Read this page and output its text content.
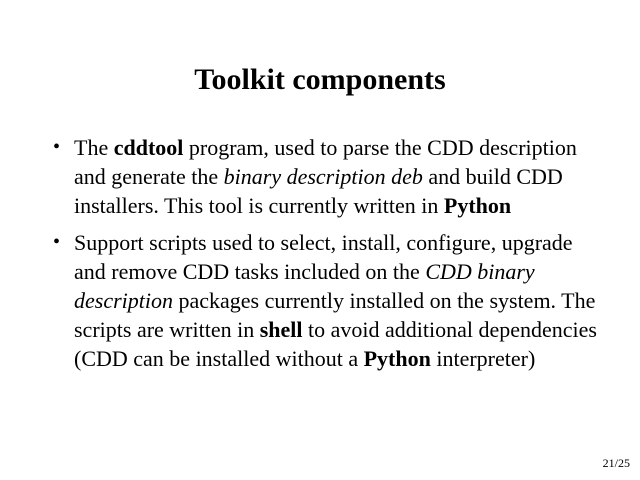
Toolkit components
• The cddtool program, used to parse the CDD description and generate the binary description deb and build CDD installers. This tool is currently written in Python
• Support scripts used to select, install, configure, upgrade and remove CDD tasks included on the CDD binary description packages currently installed on the system. The scripts are written in shell to avoid additional dependencies (CDD can be installed without a Python interpreter)
21/25
